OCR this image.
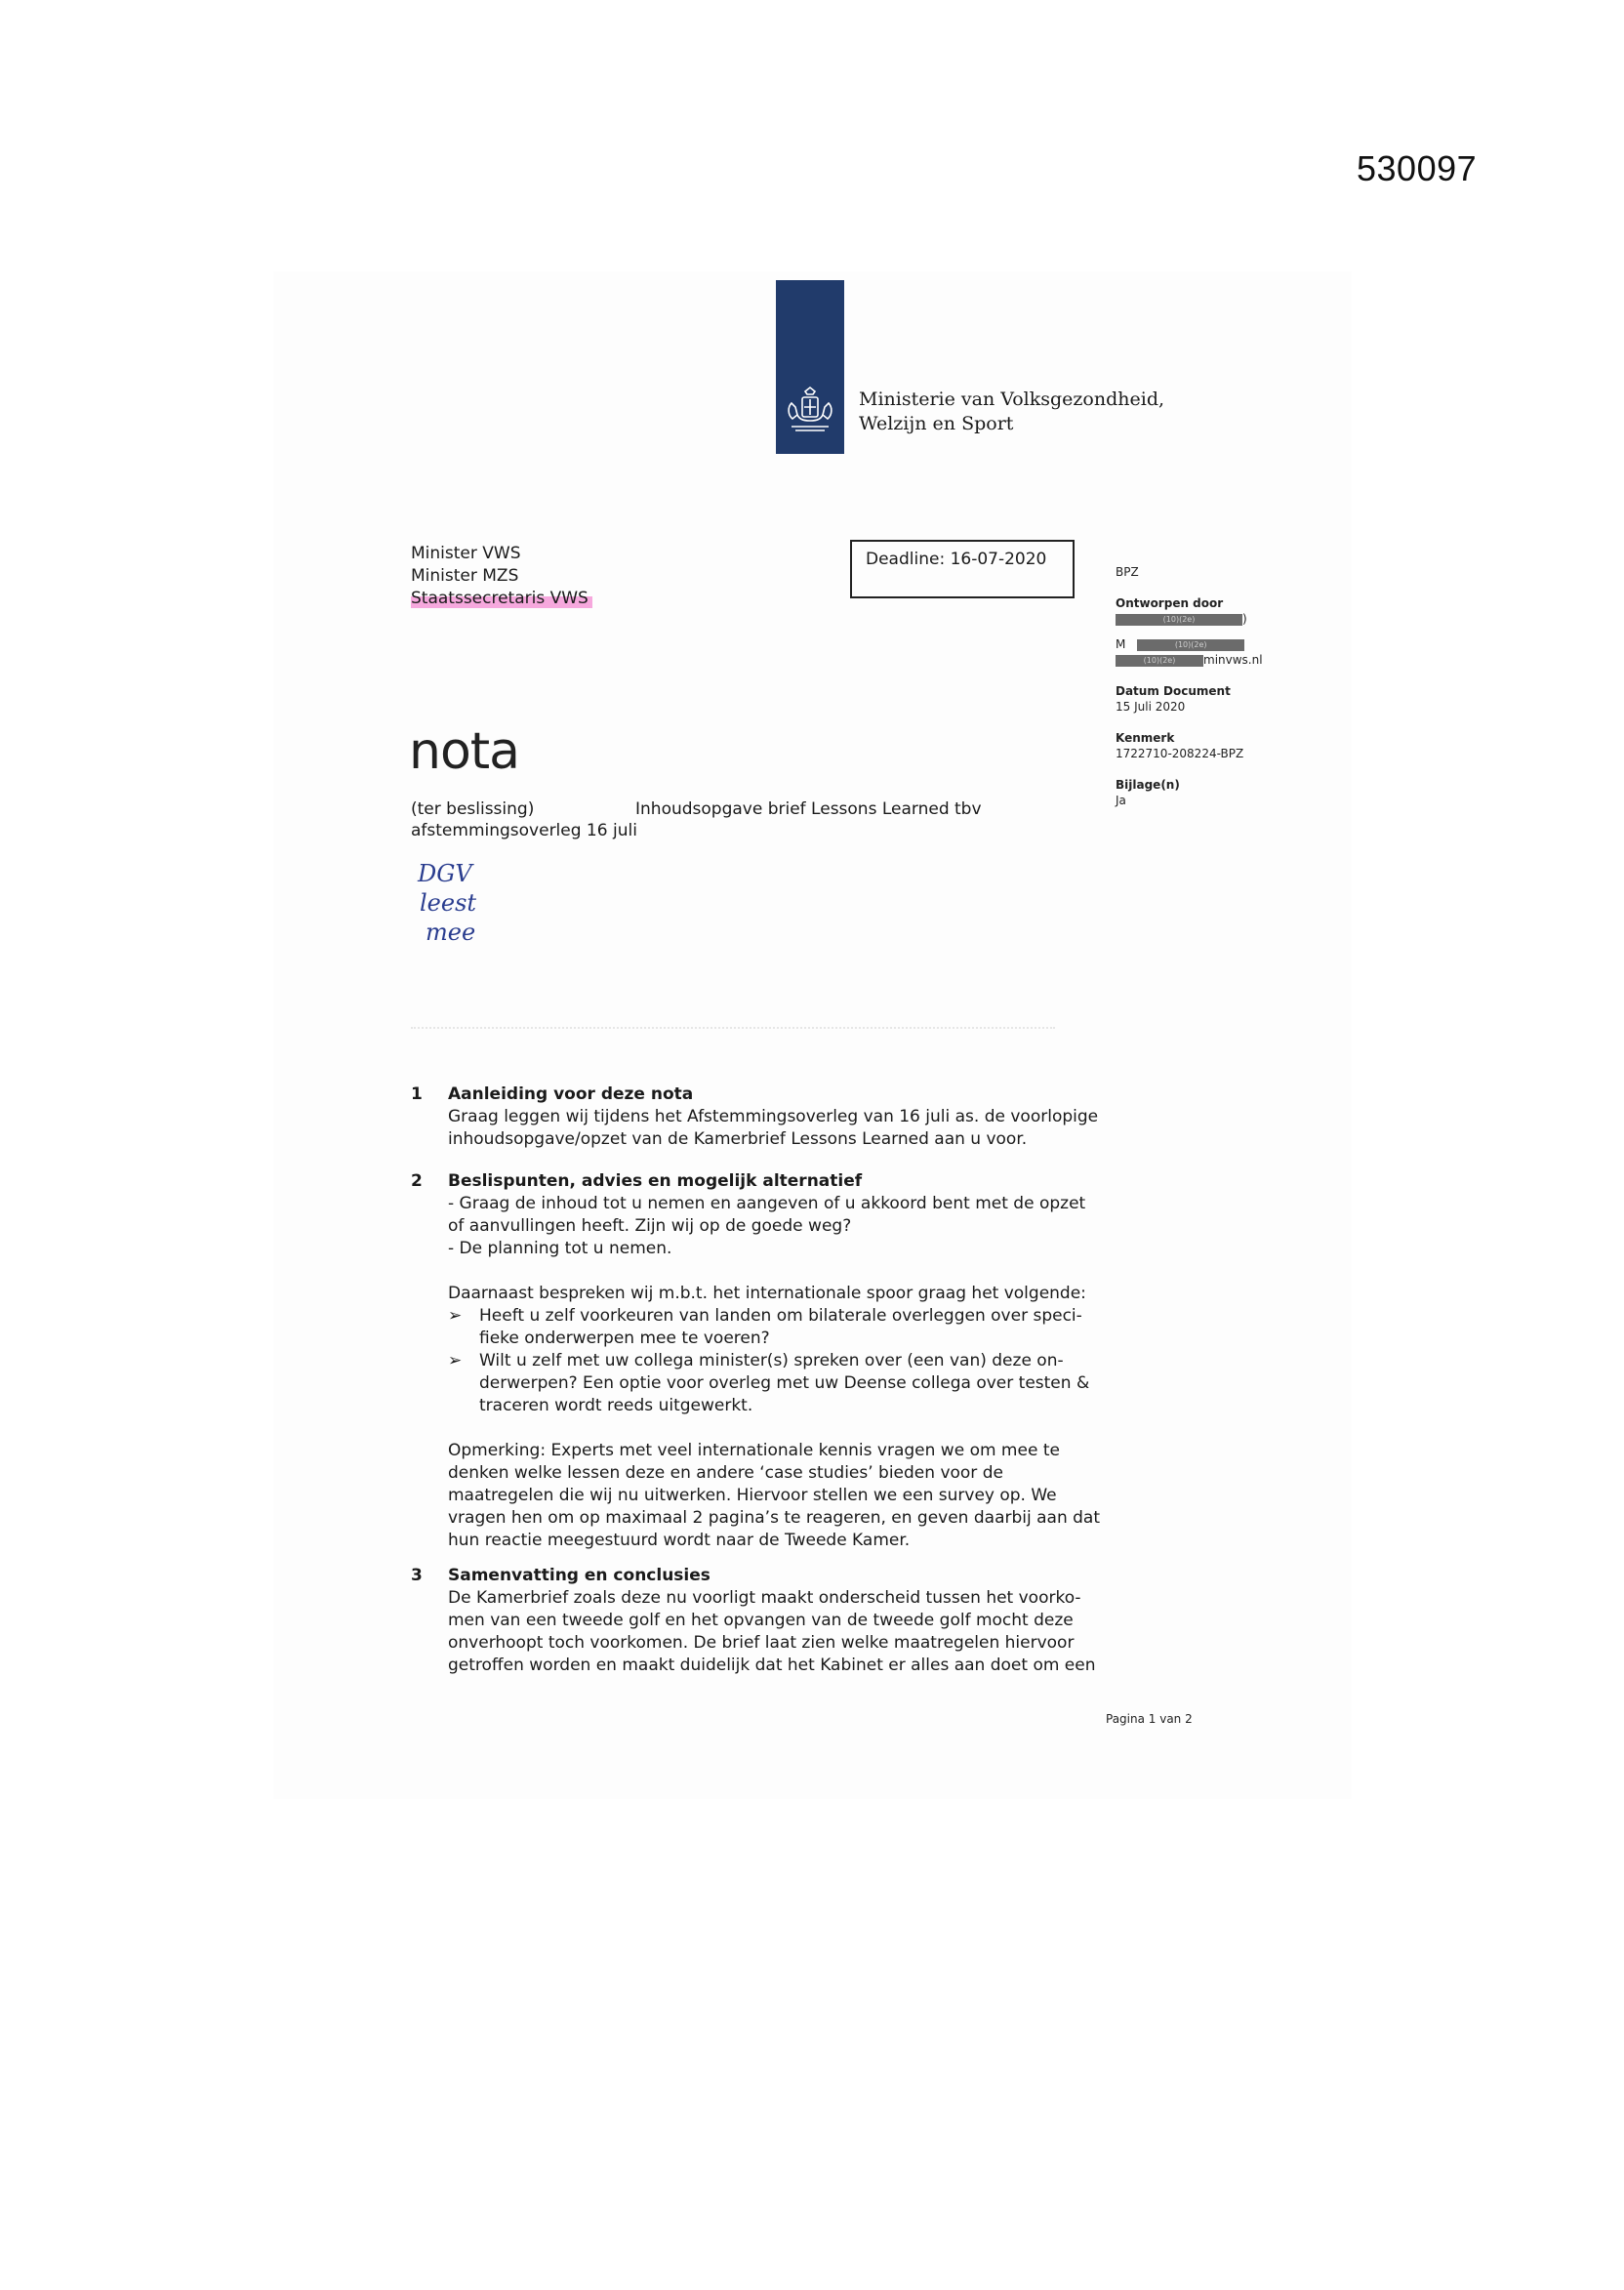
530097
Ministerie van Volksgezondheid,
Welzijn en Sport
Minister VWS
Minister MZS
Staatssecretaris VWS
Deadline: 16-07-2020
BPZ
Ontworpen door
(10)(2e)	)
M	(10)(2e)
(10)(2e) minvws.nl
Datum Document
15 Juli 2020
Kenmerk
1722710-208224-BPZ
Bijlage(n)
Ja
nota
(ter beslissing)	Inhoudsopgave brief Lessons Learned tbv
afstemmingsoverleg 16 juli
DGV
leest
mee
1 Aanleiding voor deze nota

Graag leggen wij tijdens het Afstemmingsoverleg van 16 juli as. de voorlopige

inhoudsopgave/opzet van de Kamerbrief Lessons Learned aan u voor.

2 Beslispunten, advies en mogelijk alternatief

- Graag de inhoud tot u nemen en aangeven of u akkoord bent met de opzet

of aanvullingen heeft. Zijn wij op de goede weg?

- De planning tot u nemen.

Daarnaast bespreken wij m.b.t. het internationale spoor graag het volgende:

➢	Heeft u zelf voorkeuren van landen om bilaterale overleggen over speci-

fieke onderwerpen mee te voeren?

➢	Wilt u zelf met uw collega minister(s) spreken over (een van) deze on-

derwerpen? Een optie voor overleg met uw Deense collega over testen &

traceren wordt reeds uitgewerkt.

Opmerking: Experts met veel internationale kennis vragen we om mee te

denken welke lessen deze en andere ‘case studies’ bieden voor de

maatregelen die wij nu uitwerken. Hiervoor stellen we een survey op. We

vragen hen om op maximaal 2 pagina’s te reageren, en geven daarbij aan dat

hun reactie meegestuurd wordt naar de Tweede Kamer.

3 Samenvatting en conclusies

De Kamerbrief zoals deze nu voorligt maakt onderscheid tussen het voorko-

men van een tweede golf en het opvangen van de tweede golf mocht deze

onverhoopt toch voorkomen. De brief laat zien welke maatregelen hiervoor

getroffen worden en maakt duidelijk dat het Kabinet er alles aan doet om een

Pagina 1 van 2
